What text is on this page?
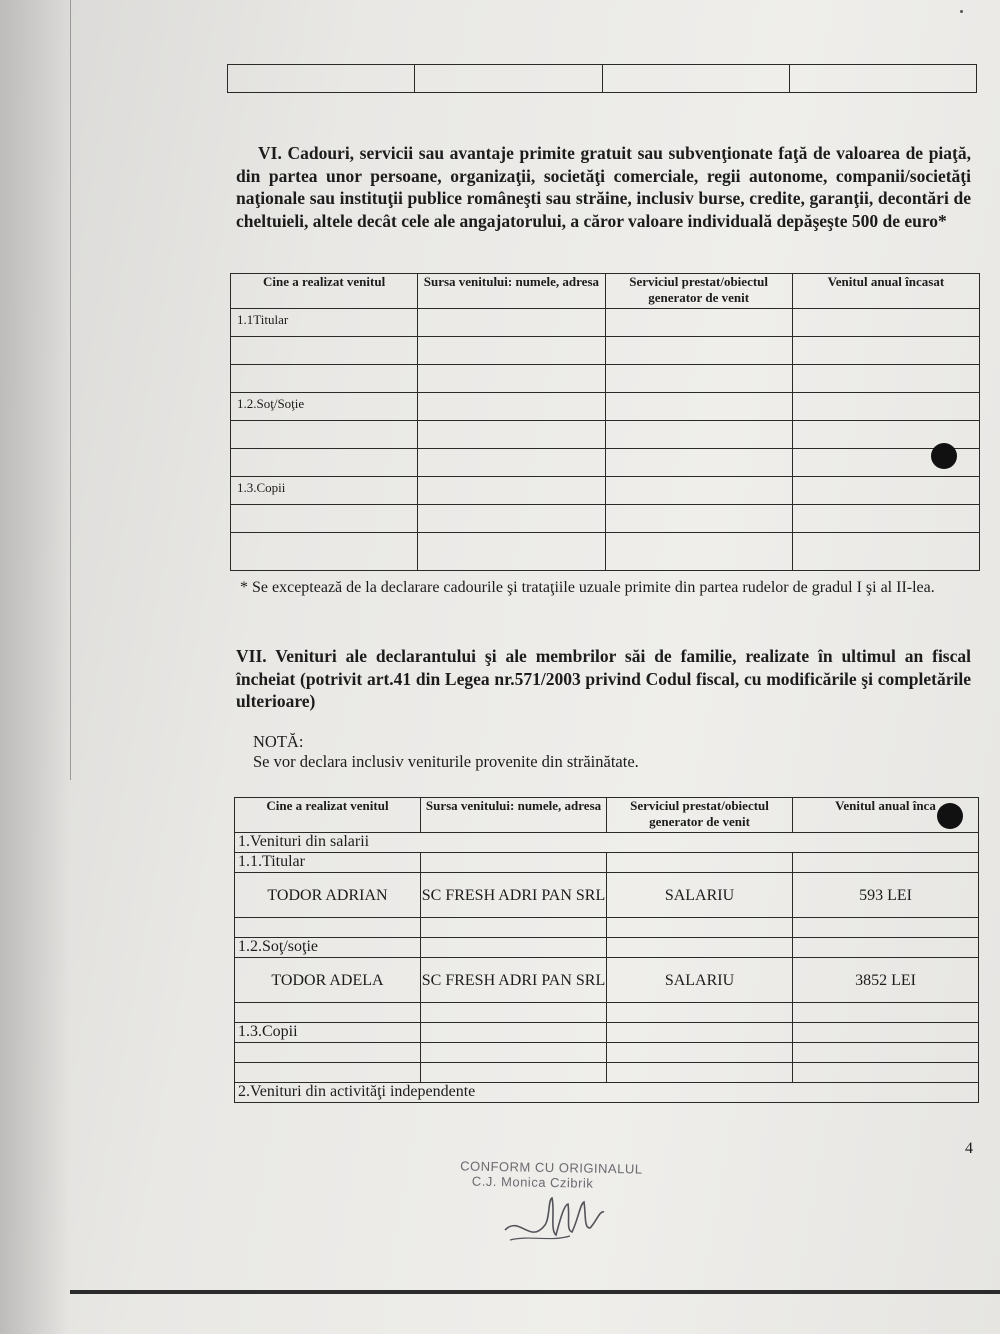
VI. Cadouri, servicii sau avantaje primite gratuit sau subvenţionate faţă de valoarea de piaţă, din partea unor persoane, organizaţii, societăţi comerciale, regii autonome, companii/societăţi naţionale sau instituţii publice româneşti sau străine, inclusiv burse, credite, garanţii, decontări de cheltuieli, altele decât cele ale angajatorului, a căror valoare individuală depăşeşte 500 de euro*
Cine a realizat venitul	Sursa venitului: numele, adresa	Serviciul prestat/obiectul generator de venit	Venitul anual încasat
1.1Titular			

1.2.Soţ/Soţie			

1.3.Copii			

* Se exceptează de la declarare cadourile şi trataţiile uzuale primite din partea rudelor de gradul I şi al II-lea.
VII. Venituri ale declarantului şi ale membrilor săi de familie, realizate în ultimul an fiscal încheiat (potrivit art.41 din Legea nr.571/2003 privind Codul fiscal, cu modificările şi completările ulterioare)
NOTĂ:
Se vor declara inclusiv veniturile provenite din străinătate.
Cine a realizat venitul	Sursa venitului: numele, adresa	Serviciul prestat/obiectul generator de venit	Venitul anual înca
1.Venituri din salarii			
1.1.Titular			
TODOR ADRIAN	SC FRESH ADRI PAN SRL	SALARIU	593 LEI

1.2.Soţ/soţie			
TODOR ADELA	SC FRESH ADRI PAN SRL	SALARIU	3852 LEI

1.3.Copii			

2.Venituri din activităţi independente			
4
CONFORM CU ORIGINALUL
C.J. Monica Czibrik
